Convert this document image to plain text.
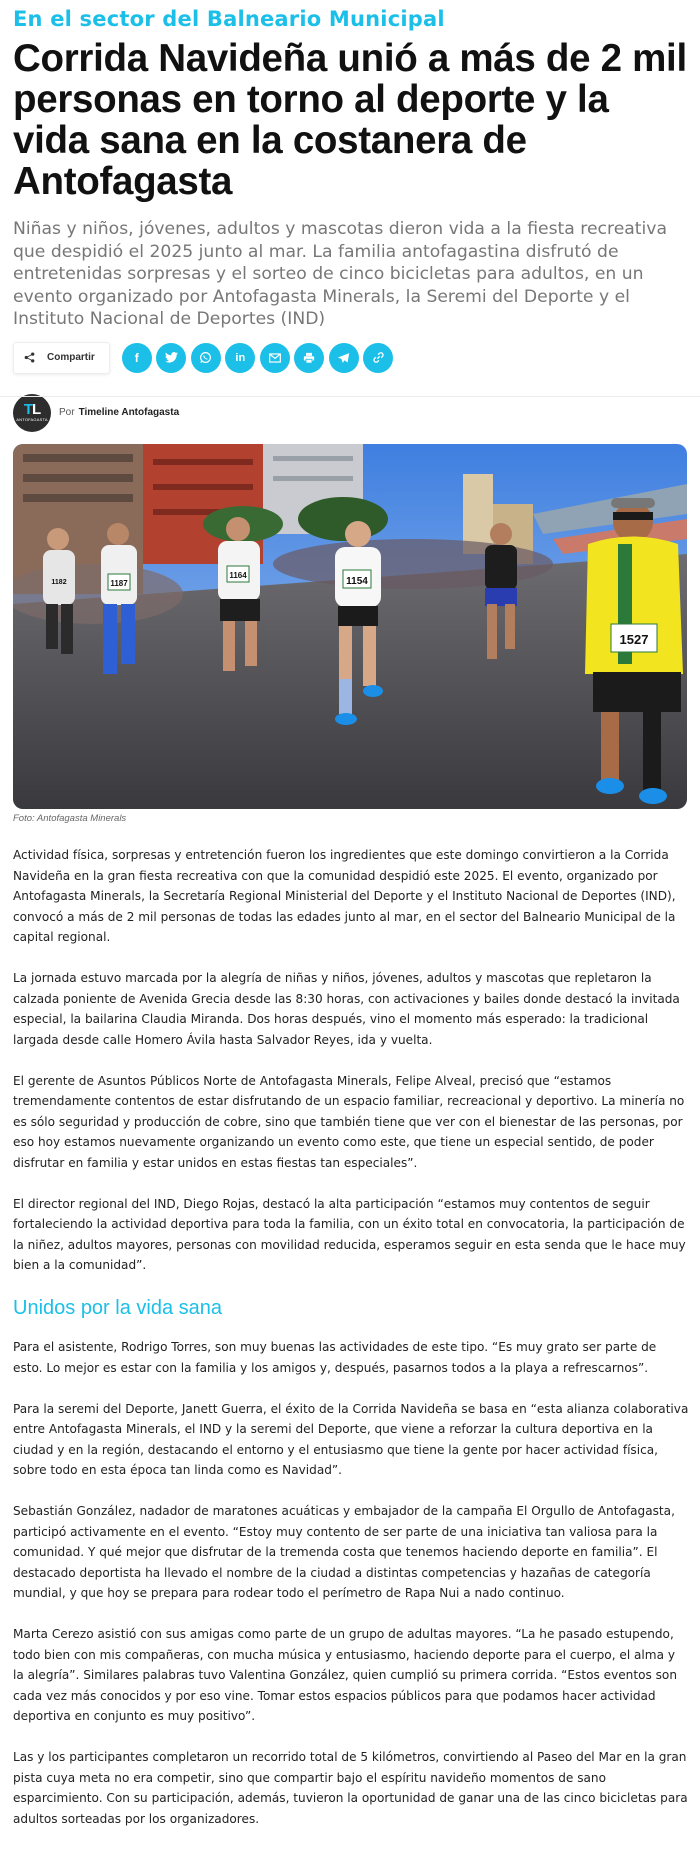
En el sector del Balneario Municipal
Corrida Navideña unió a más de 2 mil personas en torno al deporte y la vida sana en la costanera de Antofagasta
Niñas y niños, jóvenes, adultos y mascotas dieron vida a la fiesta recreativa que despidió el 2025 junto al mar. La familia antofagastina disfrutó de entretenidas sorpresas y el sorteo de cinco bicicletas para adultos, en un evento organizado por Antofagasta Minerals, la Seremi del Deporte y el Instituto Nacional de Deportes (IND)
Compartir	f	in
TL
ANTOFAGASTA
Por Timeline Antofagasta
1527
1154
1187
1164
1182
Foto: Antofagasta Minerals

Actividad física, sorpresas y entretención fueron los ingredientes que este domingo convirtieron a la Corrida Navideña en la gran fiesta recreativa con que la comunidad despidió este 2025. El evento, organizado por Antofagasta Minerals, la Secretaría Regional Ministerial del Deporte y el Instituto Nacional de Deportes (IND), convocó a más de 2 mil personas de todas las edades junto al mar, en el sector del Balneario Municipal de la capital regional.

La jornada estuvo marcada por la alegría de niñas y niños, jóvenes, adultos y mascotas que repletaron la calzada poniente de Avenida Grecia desde las 8:30 horas, con activaciones y bailes donde destacó la invitada especial, la bailarina Claudia Miranda. Dos horas después, vino el momento más esperado: la tradicional largada desde calle Homero Ávila hasta Salvador Reyes, ida y vuelta.

El gerente de Asuntos Públicos Norte de Antofagasta Minerals, Felipe Alveal, precisó que “estamos tremendamente contentos de estar disfrutando de un espacio familiar, recreacional y deportivo. La minería no es sólo seguridad y producción de cobre, sino que también tiene que ver con el bienestar de las personas, por eso hoy estamos nuevamente organizando un evento como este, que tiene un especial sentido, de poder disfrutar en familia y estar unidos en estas fiestas tan especiales”.

El director regional del IND, Diego Rojas, destacó la alta participación “estamos muy contentos de seguir fortaleciendo la actividad deportiva para toda la familia, con un éxito total en convocatoria, la participación de la niñez, adultos mayores, personas con movilidad reducida, esperamos seguir en esta senda que le hace muy bien a la comunidad”.

Unidos por la vida sana

Para el asistente, Rodrigo Torres, son muy buenas las actividades de este tipo. “Es muy grato ser parte de esto. Lo mejor es estar con la familia y los amigos y, después, pasarnos todos a la playa a refrescarnos”.

Para la seremi del Deporte, Janett Guerra, el éxito de la Corrida Navideña se basa en “esta alianza colaborativa entre Antofagasta Minerals, el IND y la seremi del Deporte, que viene a reforzar la cultura deportiva en la ciudad y en la región, destacando el entorno y el entusiasmo que tiene la gente por hacer actividad física, sobre todo en esta época tan linda como es Navidad”.

Sebastián González, nadador de maratones acuáticas y embajador de la campaña El Orgullo de Antofagasta, participó activamente en el evento. “Estoy muy contento de ser parte de una iniciativa tan valiosa para la comunidad. Y qué mejor que disfrutar de la tremenda costa que tenemos haciendo deporte en familia”. El destacado deportista ha llevado el nombre de la ciudad a distintas competencias y hazañas de categoría mundial, y que hoy se prepara para rodear todo el perímetro de Rapa Nui a nado continuo.

Marta Cerezo asistió con sus amigas como parte de un grupo de adultas mayores. “La he pasado estupendo, todo bien con mis compañeras, con mucha música y entusiasmo, haciendo deporte para el cuerpo, el alma y la alegría”. Similares palabras tuvo Valentina González, quien cumplió su primera corrida. “Estos eventos son cada vez más conocidos y por eso vine. Tomar estos espacios públicos para que podamos hacer actividad deportiva en conjunto es muy positivo”.

Las y los participantes completaron un recorrido total de 5 kilómetros, convirtiendo al Paseo del Mar en la gran pista cuya meta no era competir, sino que compartir bajo el espíritu navideño momentos de sano esparcimiento. Con su participación, además, tuvieron la oportunidad de ganar una de las cinco bicicletas para adultos sorteadas por los organizadores.
